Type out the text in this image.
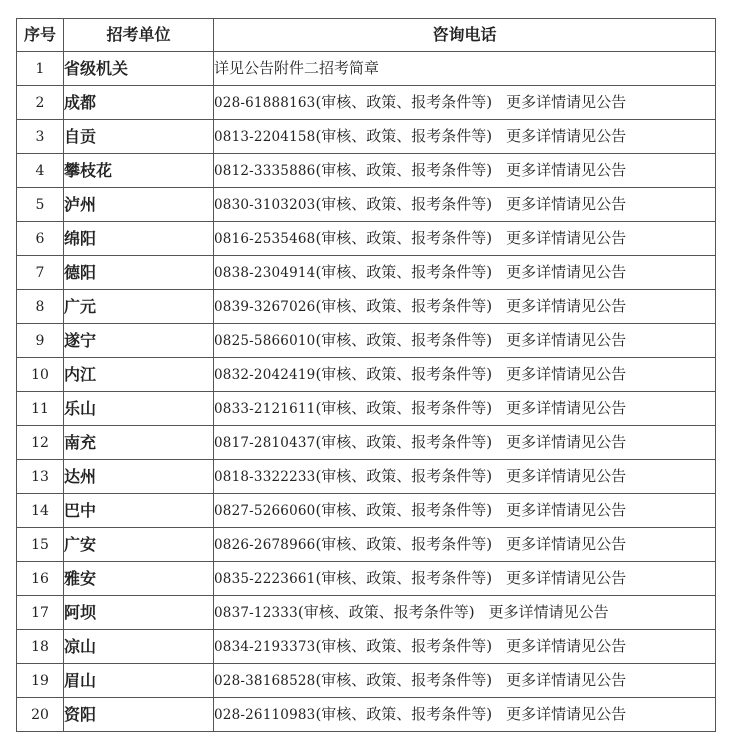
序号	招考单位	咨询电话
1	省级机关	详见公告附件二招考简章
2	成都	028-61888163(审核、政策、报考条件等) 更多详情请见公告
3	自贡	0813-2204158(审核、政策、报考条件等) 更多详情请见公告
4	攀枝花	0812-3335886(审核、政策、报考条件等) 更多详情请见公告
5	泸州	0830-3103203(审核、政策、报考条件等) 更多详情请见公告
6	绵阳	0816-2535468(审核、政策、报考条件等) 更多详情请见公告
7	德阳	0838-2304914(审核、政策、报考条件等) 更多详情请见公告
8	广元	0839-3267026(审核、政策、报考条件等) 更多详情请见公告
9	遂宁	0825-5866010(审核、政策、报考条件等) 更多详情请见公告
10	内江	0832-2042419(审核、政策、报考条件等) 更多详情请见公告
11	乐山	0833-2121611(审核、政策、报考条件等) 更多详情请见公告
12	南充	0817-2810437(审核、政策、报考条件等) 更多详情请见公告
13	达州	0818-3322233(审核、政策、报考条件等) 更多详情请见公告
14	巴中	0827-5266060(审核、政策、报考条件等) 更多详情请见公告
15	广安	0826-2678966(审核、政策、报考条件等) 更多详情请见公告
16	雅安	0835-2223661(审核、政策、报考条件等) 更多详情请见公告
17	阿坝	0837-12333(审核、政策、报考条件等) 更多详情请见公告
18	凉山	0834-2193373(审核、政策、报考条件等) 更多详情请见公告
19	眉山	028-38168528(审核、政策、报考条件等) 更多详情请见公告
20	资阳	028-26110983(审核、政策、报考条件等) 更多详情请见公告
